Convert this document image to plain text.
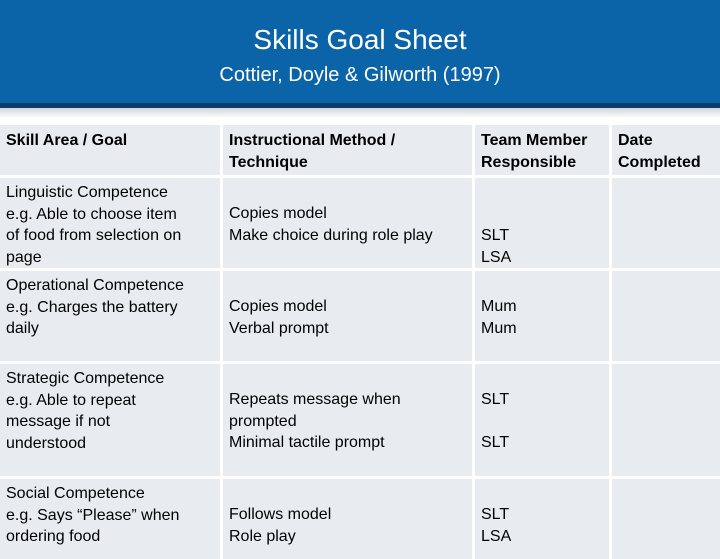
Skills Goal Sheet
Cottier, Doyle & Gilworth (1997)
Skill Area / Goal	Instructional Method /
Technique
Team Member
Responsible
Date
Completed
Linguistic Competence
e.g. Able to choose item
of food from selection on
page
Copies model
Make choice during role play	SLT
LSA
Operational Competence
e.g. Charges the battery
daily
Copies model
Verbal prompt
Mum
Mum
Strategic Competence
e.g. Able to repeat
message if not
understood
Repeats message when
prompted
Minimal tactile prompt
SLT
SLT
Social Competence
e.g. Says “Please” when
ordering food
Follows model
Role play
SLT
LSA
